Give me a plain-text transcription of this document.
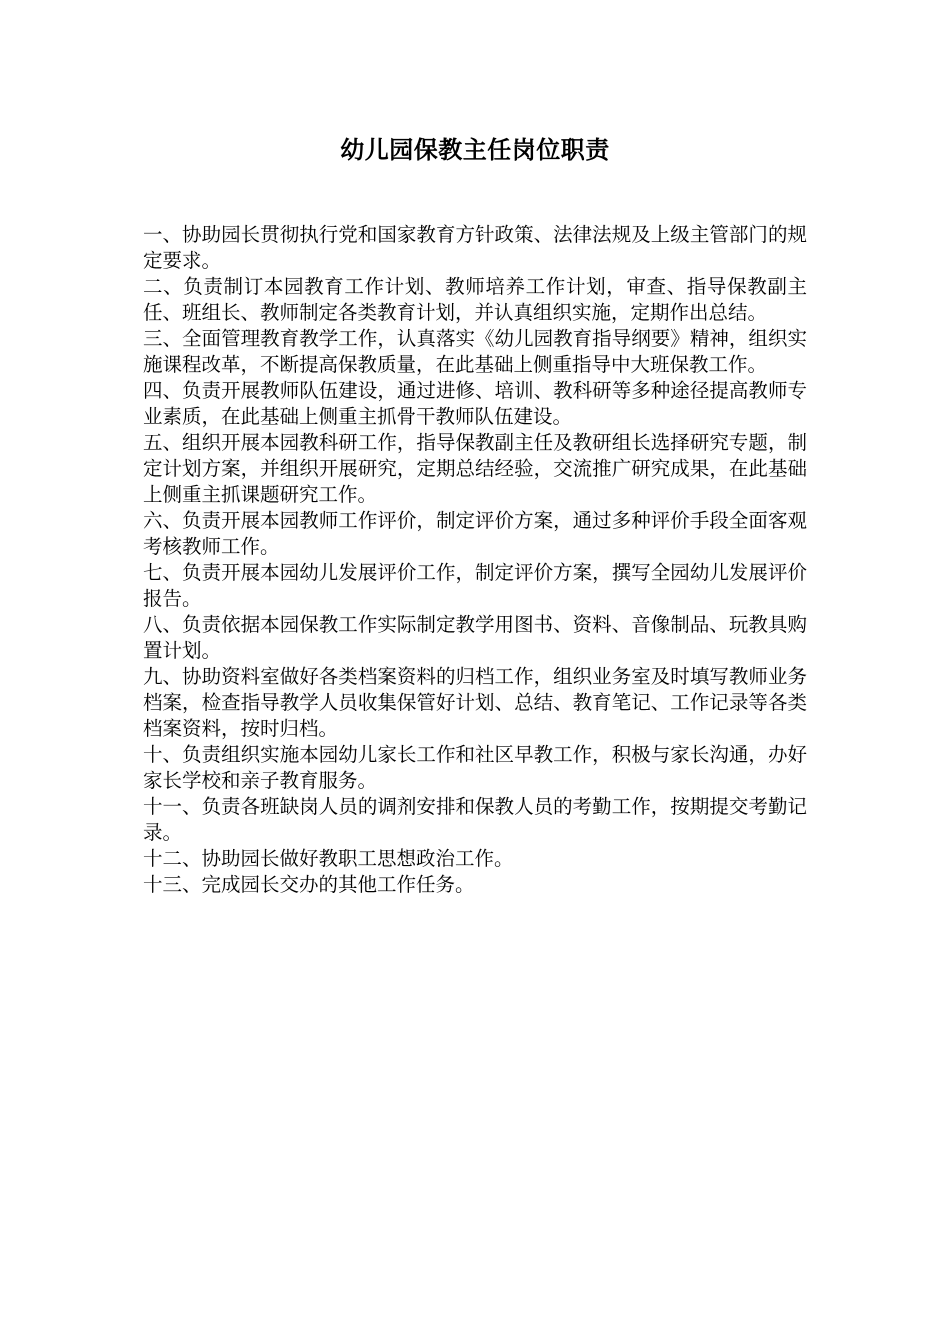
幼儿园保教主任岗位职责
一、协助园长贯彻执行党和国家教育方针政策、法律法规及上级主管部门的规定要求。
二、负责制订本园教育工作计划、教师培养工作计划，审查、指导保教副主任、班组长、教师制定各类教育计划，并认真组织实施，定期作出总结。
三、全面管理教育教学工作，认真落实《幼儿园教育指导纲要》精神，组织实施课程改革，不断提高保教质量，在此基础上侧重指导中大班保教工作。
四、负责开展教师队伍建设，通过进修、培训、教科研等多种途径提高教师专业素质，在此基础上侧重主抓骨干教师队伍建设。
五、组织开展本园教科研工作，指导保教副主任及教研组长选择研究专题，制定计划方案，并组织开展研究，定期总结经验，交流推广研究成果，在此基础上侧重主抓课题研究工作。
六、负责开展本园教师工作评价，制定评价方案，通过多种评价手段全面客观考核教师工作。
七、负责开展本园幼儿发展评价工作，制定评价方案，撰写全园幼儿发展评价报告。
八、负责依据本园保教工作实际制定教学用图书、资料、音像制品、玩教具购置计划。
九、协助资料室做好各类档案资料的归档工作，组织业务室及时填写教师业务档案，检查指导教学人员收集保管好计划、总结、教育笔记、工作记录等各类档案资料，按时归档。
十、负责组织实施本园幼儿家长工作和社区早教工作，积极与家长沟通，办好家长学校和亲子教育服务。
十一、负责各班缺岗人员的调剂安排和保教人员的考勤工作，按期提交考勤记录。
十二、协助园长做好教职工思想政治工作。
十三、完成园长交办的其他工作任务。
